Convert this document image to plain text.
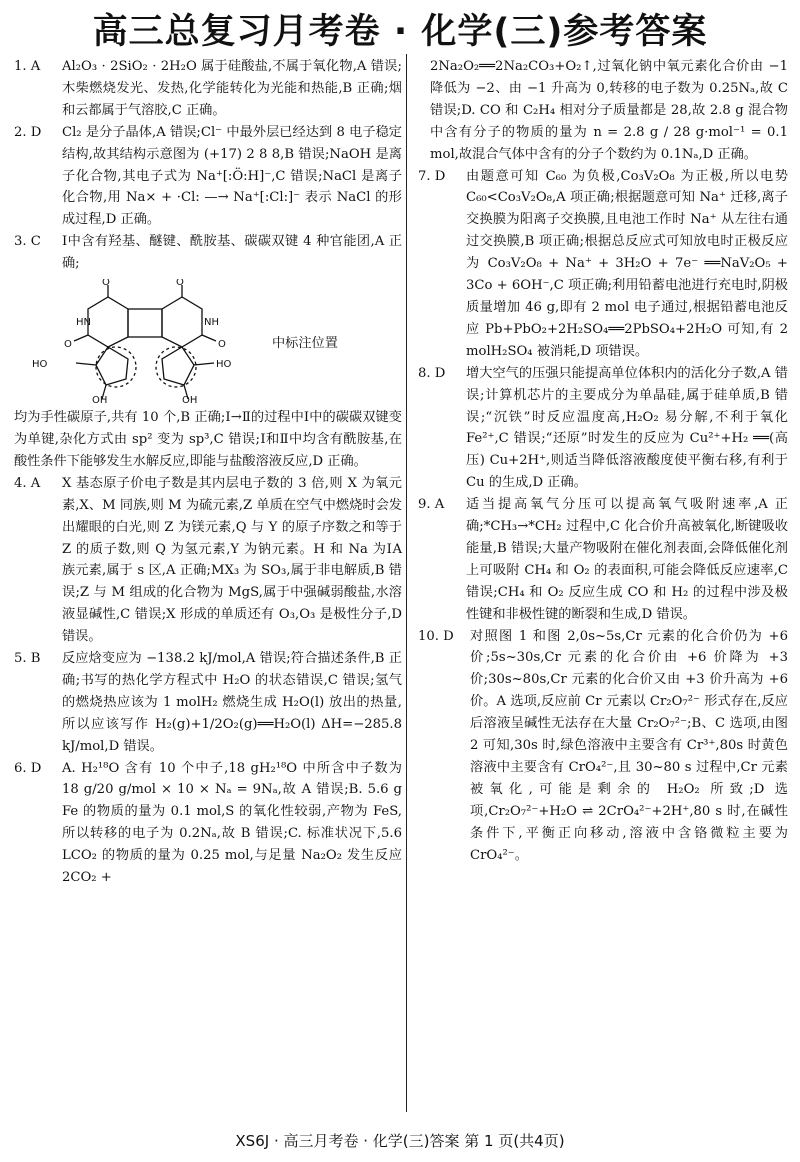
高三总复习月考卷 · 化学(三)参考答案
1. A	Al₂O₃ · 2SiO₂ · 2H₂O 属于硅酸盐,不属于氧化物,A 错误;木柴燃烧发光、发热,化学能转化为光能和热能,B 正确;烟和云都属于气溶胶,C 正确。

2. D	Cl₂ 是分子晶体,A 错误;Cl⁻ 中最外层已经达到 8 电子稳定结构,故其结构示意图为 (+17) 2 8 8,B 错误;NaOH 是离子化合物,其电子式为 Na⁺[:Ö:H]⁻,C 错误;NaCl 是离子化合物,用 Na× + ·Cl: —→ Na⁺[:Cl:]⁻ 表示 NaCl 的形成过程,D 正确。

3. C	Ⅰ中含有羟基、醚键、酰胺基、碳碳双键 4 种官能团,A 正确;

O	O
O	O
HN	NH
HO	HO
OH	OH
中标注位置

均为手性碳原子,共有 10 个,B 正确;Ⅰ→Ⅱ的过程中Ⅰ中的碳碳双键变为单键,杂化方式由 sp² 变为 sp³,C 错误;Ⅰ和Ⅱ中均含有酰胺基,在酸性条件下能够发生水解反应,即能与盐酸溶液反应,D 正确。

4. A	X 基态原子价电子数是其内层电子数的 3 倍,则 X 为氧元素,X、M 同族,则 M 为硫元素,Z 单质在空气中燃烧时会发出耀眼的白光,则 Z 为镁元素,Q 与 Y 的原子序数之和等于 Z 的质子数,则 Q 为氢元素,Y 为钠元素。H 和 Na 为ⅠA 族元素,属于 s 区,A 正确;MX₃ 为 SO₃,属于非电解质,B 错误;Z 与 M 组成的化合物为 MgS,属于中强碱弱酸盐,水溶液显碱性,C 错误;X 形成的单质还有 O₃,O₃ 是极性分子,D 错误。

5. B	反应焓变应为 −138.2 kJ/mol,A 错误;符合描述条件,B 正确;书写的热化学方程式中 H₂O 的状态错误,C 错误;氢气的燃烧热应该为 1 molH₂ 燃烧生成 H₂O(l) 放出的热量,所以应该写作 H₂(g)+1/2O₂(g)══H₂O(l) ΔH=−285.8 kJ/mol,D 错误。

6. D	A. H₂¹⁸O 含有 10 个中子,18 gH₂¹⁸O 中所含中子数为 18 g/20 g/mol × 10 × Nₐ = 9Nₐ,故 A 错误;B. 5.6 g Fe 的物质的量为 0.1 mol,S 的氧化性较弱,产物为 FeS,所以转移的电子为 0.2Nₐ,故 B 错误;C. 标准状况下,5.6 LCO₂ 的物质的量为 0.25 mol,与足量 Na₂O₂ 发生反应 2CO₂ +

2Na₂O₂══2Na₂CO₃+O₂↑,过氧化钠中氧元素化合价由 −1 降低为 −2、由 −1 升高为 0,转移的电子数为 0.25Nₐ,故 C 错误;D. CO 和 C₂H₄ 相对分子质量都是 28,故 2.8 g 混合物中含有分子的物质的量为 n = 2.8 g / 28 g·mol⁻¹ = 0.1 mol,故混合气体中含有的分子个数约为 0.1Nₐ,D 正确。

7. D	由题意可知 C₆₀ 为负极,Co₃V₂O₈ 为正极,所以电势 C₆₀<Co₃V₂O₈,A 项正确;根据题意可知 Na⁺ 迁移,离子交换膜为阳离子交换膜,且电池工作时 Na⁺ 从左往右通过交换膜,B 项正确;根据总反应式可知放电时正极反应为 Co₃V₂O₈ + Na⁺ + 3H₂O + 7e⁻ ══NaV₂O₅ + 3Co + 6OH⁻,C 项正确;利用铅蓄电池进行充电时,阴极质量增加 46 g,即有 2 mol 电子通过,根据铅蓄电池反应 Pb+PbO₂+2H₂SO₄══2PbSO₄+2H₂O 可知,有 2 molH₂SO₄ 被消耗,D 项错误。

8. D	增大空气的压强只能提高单位体积内的活化分子数,A 错误;计算机芯片的主要成分为单晶硅,属于硅单质,B 错误;“沉铁”时反应温度高,H₂O₂ 易分解,不利于氧化 Fe²⁺,C 错误;“还原”时发生的反应为 Cu²⁺+H₂ ══(高压) Cu+2H⁺,则适当降低溶液酸度使平衡右移,有利于 Cu 的生成,D 正确。

9. A	适当提高氧气分压可以提高氧气吸附速率,A 正确;*CH₃→*CH₂ 过程中,C 化合价升高被氧化,断键吸收能量,B 错误;大量产物吸附在催化剂表面,会降低催化剂上可吸附 CH₄ 和 O₂ 的表面积,可能会降低反应速率,C 错误;CH₄ 和 O₂ 反应生成 CO 和 H₂ 的过程中涉及极性键和非极性键的断裂和生成,D 错误。

10. D	对照图 1 和图 2,0s~5s,Cr 元素的化合价仍为 +6 价;5s~30s,Cr 元素的化合价由 +6 价降为 +3 价;30s~80s,Cr 元素的化合价又由 +3 价升高为 +6 价。A 选项,反应前 Cr 元素以 Cr₂O₇²⁻ 形式存在,反应后溶液呈碱性无法存在大量 Cr₂O₇²⁻;B、C 选项,由图 2 可知,30s 时,绿色溶液中主要含有 Cr³⁺,80s 时黄色溶液中主要含有 CrO₄²⁻,且 30~80 s 过程中,Cr 元素被氧化,可能是剩余的 H₂O₂ 所致;D 选项,Cr₂O₇²⁻+H₂O ⇌ 2CrO₄²⁻+2H⁺,80 s 时,在碱性条件下,平衡正向移动,溶液中含铬微粒主要为 CrO₄²⁻。

XS6J · 高三月考卷 · 化学(三)答案 第 1 页(共4页)
